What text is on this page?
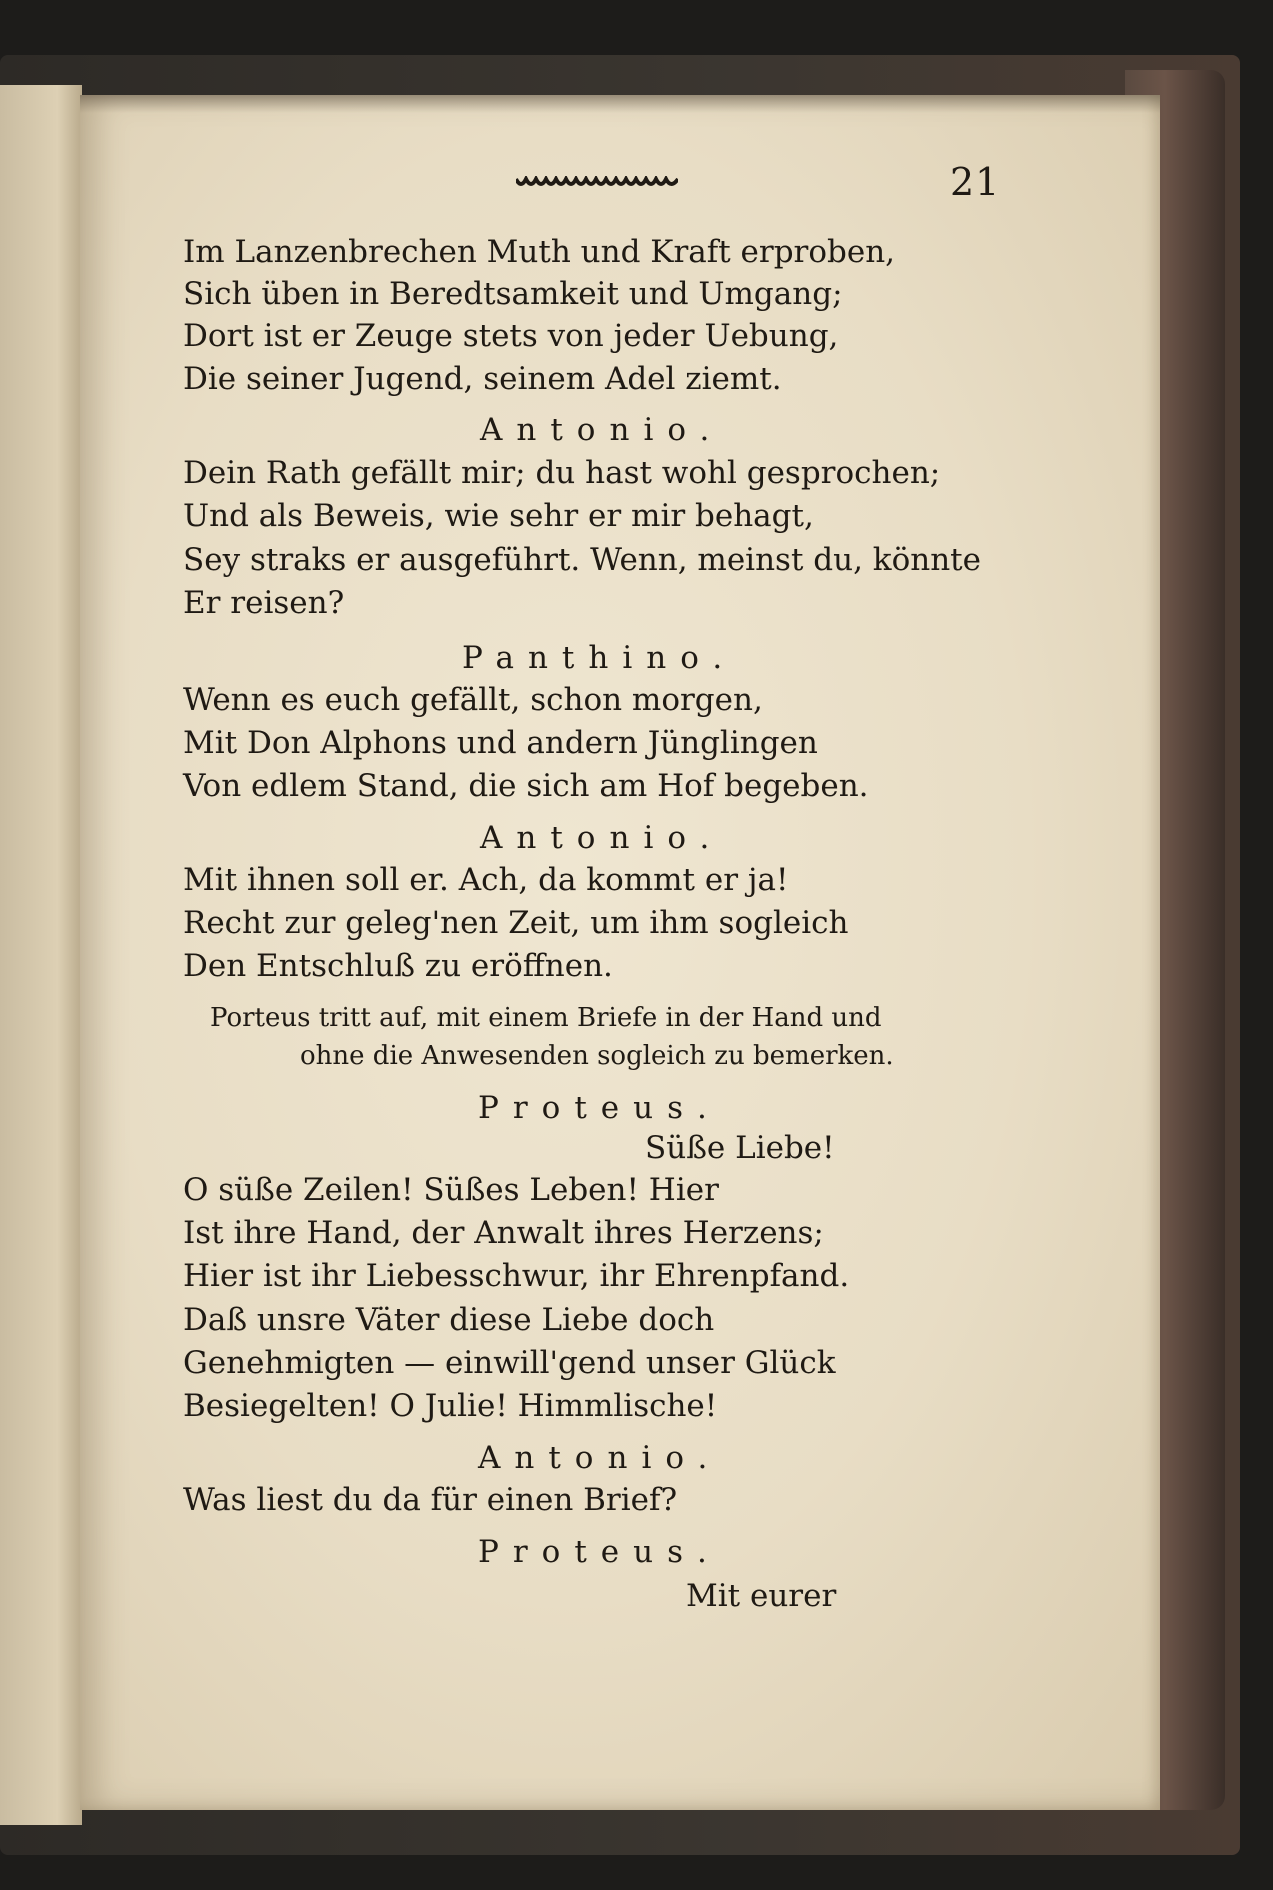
21
Im Lanzenbrechen Muth und Kraft erproben,
Sich üben in Beredtsamkeit und Umgang;
Dort ist er Zeuge stets von jeder Uebung,
Die seiner Jugend, seinem Adel ziemt.
Antonio.
Dein Rath gefällt mir; du hast wohl gesprochen;
Und als Beweis, wie sehr er mir behagt,
Sey straks er ausgeführt. Wenn, meinst du, könnte
Er reisen?
Panthino.
Wenn es euch gefällt, schon morgen,
Mit Don Alphons und andern Jünglingen
Von edlem Stand, die sich am Hof begeben.
Antonio.
Mit ihnen soll er. Ach, da kommt er ja!
Recht zur geleg'nen Zeit, um ihm sogleich
Den Entschluß zu eröffnen.
Porteus tritt auf, mit einem Briefe in der Hand und
ohne die Anwesenden sogleich zu bemerken.
Proteus.
Süße Liebe!
O süße Zeilen! Süßes Leben! Hier
Ist ihre Hand, der Anwalt ihres Herzens;
Hier ist ihr Liebesschwur, ihr Ehrenpfand.
Daß unsre Väter diese Liebe doch
Genehmigten — einwill'gend unser Glück
Besiegelten! O Julie! Himmlische!
Antonio.
Was liest du da für einen Brief?
Proteus.
Mit eurer
